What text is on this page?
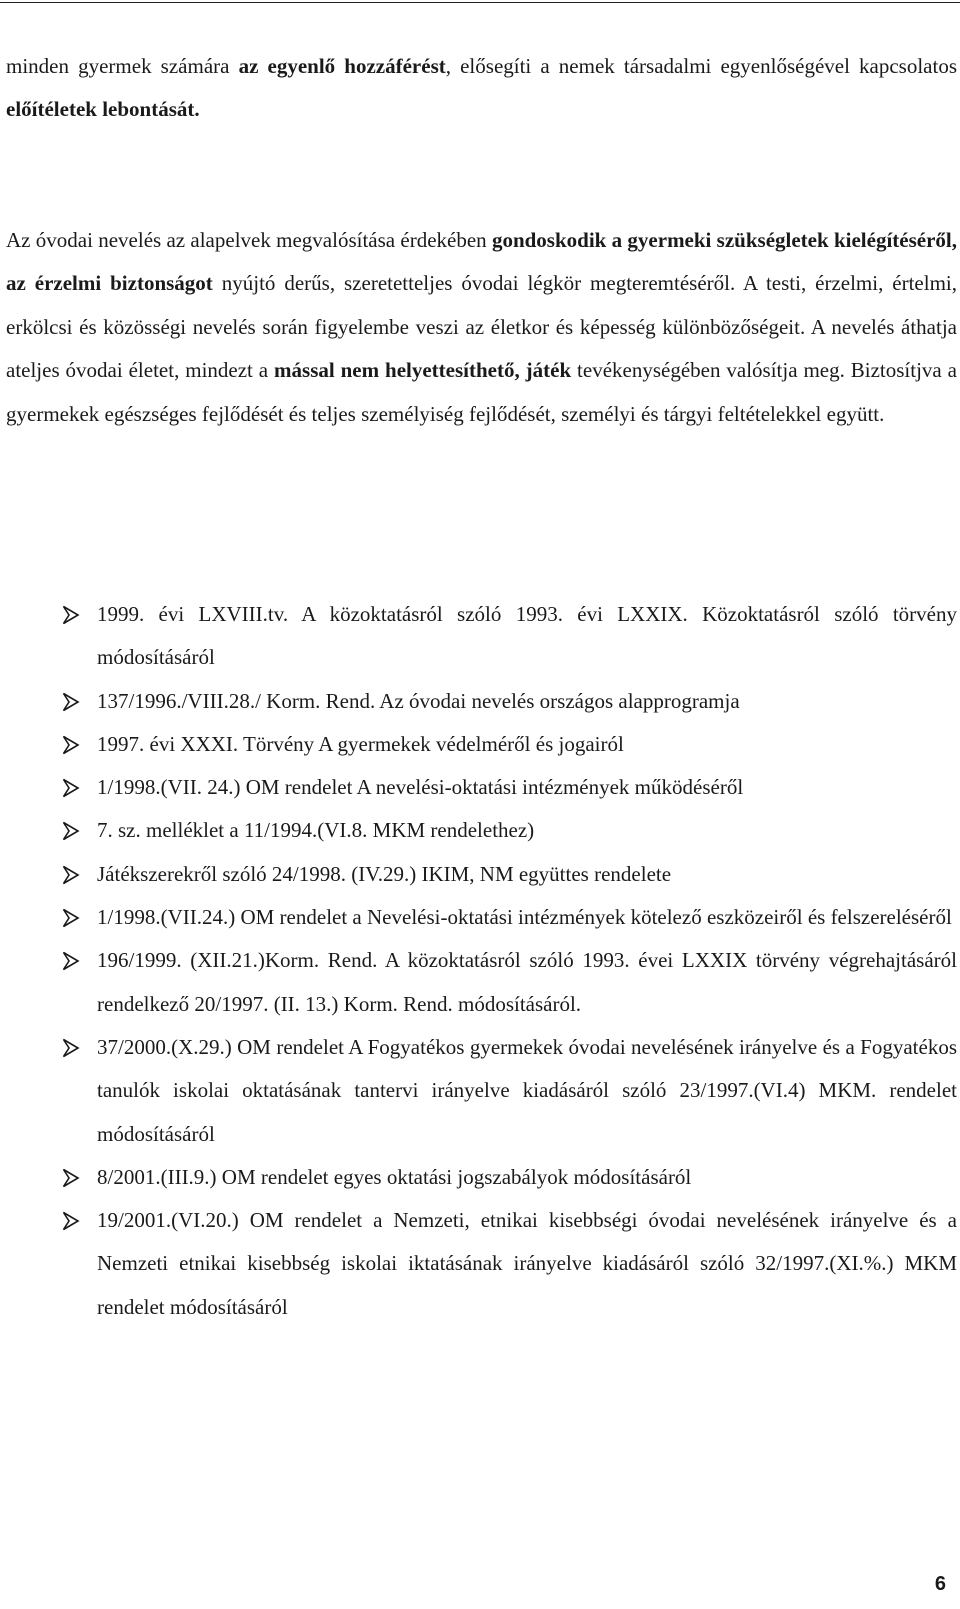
minden gyermek számára az egyenlő hozzáférést, elősegíti a nemek társadalmi egyenlőségével kapcsolatos előítéletek lebontását.

Az óvodai nevelés az alapelvek megvalósítása érdekében gondoskodik a gyermeki szükségletek kielégítéséről, az érzelmi biztonságot nyújtó derűs, szeretetteljes óvodai légkör megteremtéséről. A testi, érzelmi, értelmi, erkölcsi és közösségi nevelés során figyelembe veszi az életkor és képesség különbözőségeit. A nevelés áthatja ateljes óvodai életet, mindezt a mással nem helyettesíthető, játék tevékenységében valósítja meg. Biztosítjva a gyermekek egészséges fejlődését és teljes személyiség fejlődését, személyi és tárgyi feltételekkel együtt.

1999. évi LXVIII.tv. A közoktatásról szóló 1993. évi LXXIX. Közoktatásról szóló törvény módosításáról
137/1996./VIII.28./ Korm. Rend. Az óvodai nevelés országos alapprogramja
1997. évi XXXI. Törvény A gyermekek védelméről és jogairól
1/1998.(VII. 24.) OM rendelet A nevelési-oktatási intézmények működéséről
7. sz. melléklet a 11/1994.(VI.8. MKM rendelethez)
Játékszerekről szóló 24/1998. (IV.29.) IKIM, NM együttes rendelete
1/1998.(VII.24.) OM rendelet a Nevelési-oktatási intézmények kötelező eszközeiről és felszereléséről
196/1999. (XII.21.)Korm. Rend. A közoktatásról szóló 1993. évei LXXIX törvény végrehajtásáról rendelkező 20/1997. (II. 13.) Korm. Rend. módosításáról.
37/2000.(X.29.) OM rendelet A Fogyatékos gyermekek óvodai nevelésének irányelve és a Fogyatékos tanulók iskolai oktatásának tantervi irányelve kiadásáról szóló 23/1997.(VI.4) MKM. rendelet módosításáról
8/2001.(III.9.) OM rendelet egyes oktatási jogszabályok módosításáról
19/2001.(VI.20.) OM rendelet a Nemzeti, etnikai kisebbségi óvodai nevelésének irányelve és a Nemzeti etnikai kisebbség iskolai iktatásának irányelve kiadásáról szóló 32/1997.(XI.%.) MKM rendelet módosításáról
6
